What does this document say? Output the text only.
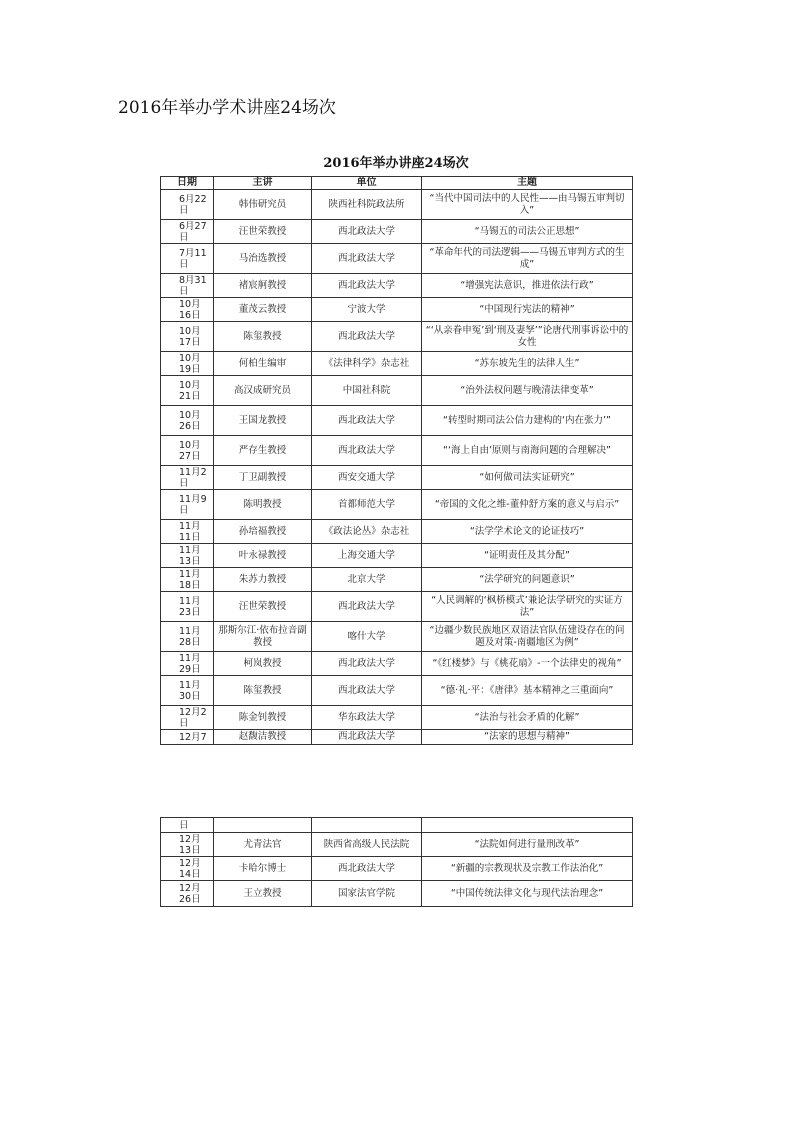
2016年举办学术讲座24场次
2016年举办讲座24场次
日期	主讲	单位	主题
6月22日	韩伟研究员	陕西社科院政法所	“当代中国司法中的人民性——由马锡五审判切入”
6月27日	汪世荣教授	西北政法大学	“马锡五的司法公正思想”
7月11日	马治选教授	西北政法大学	“革命年代的司法逻辑——马锡五审判方式的生成”
8月31日	褚宸舸教授	西北政法大学	“增强宪法意识，推进依法行政”
10月16日	董茂云教授	宁波大学	“中国现行宪法的精神”
10月17日	陈玺教授	西北政法大学	“‘从亲眷申冤’到‘刑及妻孥’”论唐代刑事诉讼中的女性
10月19日	何柏生编审	《法律科学》杂志社	“苏东坡先生的法律人生”
10月21日	高汉成研究员	中国社科院	“治外法权问题与晚清法律变革”
10月26日	王国龙教授	西北政法大学	“转型时期司法公信力建构的‘内在张力’”
10月27日	严存生教授	西北政法大学	“‘海上自由’原则与南海问题的合理解决”
11月2日	丁卫副教授	西安交通大学	“如何做司法实证研究”
11月9日	陈明教授	首都师范大学	“帝国的文化之维-董仲舒方案的意义与启示”
11月11日	孙培福教授	《政法论丛》杂志社	“法学学术论文的论证技巧”
11月13日	叶永禄教授	上海交通大学	“证明责任及其分配”
11月18日	朱苏力教授	北京大学	“法学研究的问题意识”
11月23日	汪世荣教授	西北政法大学	“人民调解的‘枫桥模式’兼论法学研究的实证方法”
11月28日	那斯尔江·依布拉音副教授	喀什大学	“边疆少数民族地区双语法官队伍建设存在的问题及对策-南疆地区为例”
11月29日	柯岚教授	西北政法大学	“《红楼梦》与《桃花扇》-一个法律史的视角”
11月30日	陈玺教授	西北政法大学	“德·礼·平：《唐律》基本精神之三重面向”
12月2日	陈金钊教授	华东政法大学	“法治与社会矛盾的化解”
12月7	赵馥洁教授	西北政法大学	“法家的思想与精神”
日			
12月13日	尤青法官	陕西省高级人民法院	“法院如何进行量刑改革”
12月14日	卡哈尔博士	西北政法大学	“新疆的宗教现状及宗教工作法治化”
12月26日	王立教授	国家法官学院	“中国传统法律文化与现代法治理念”
